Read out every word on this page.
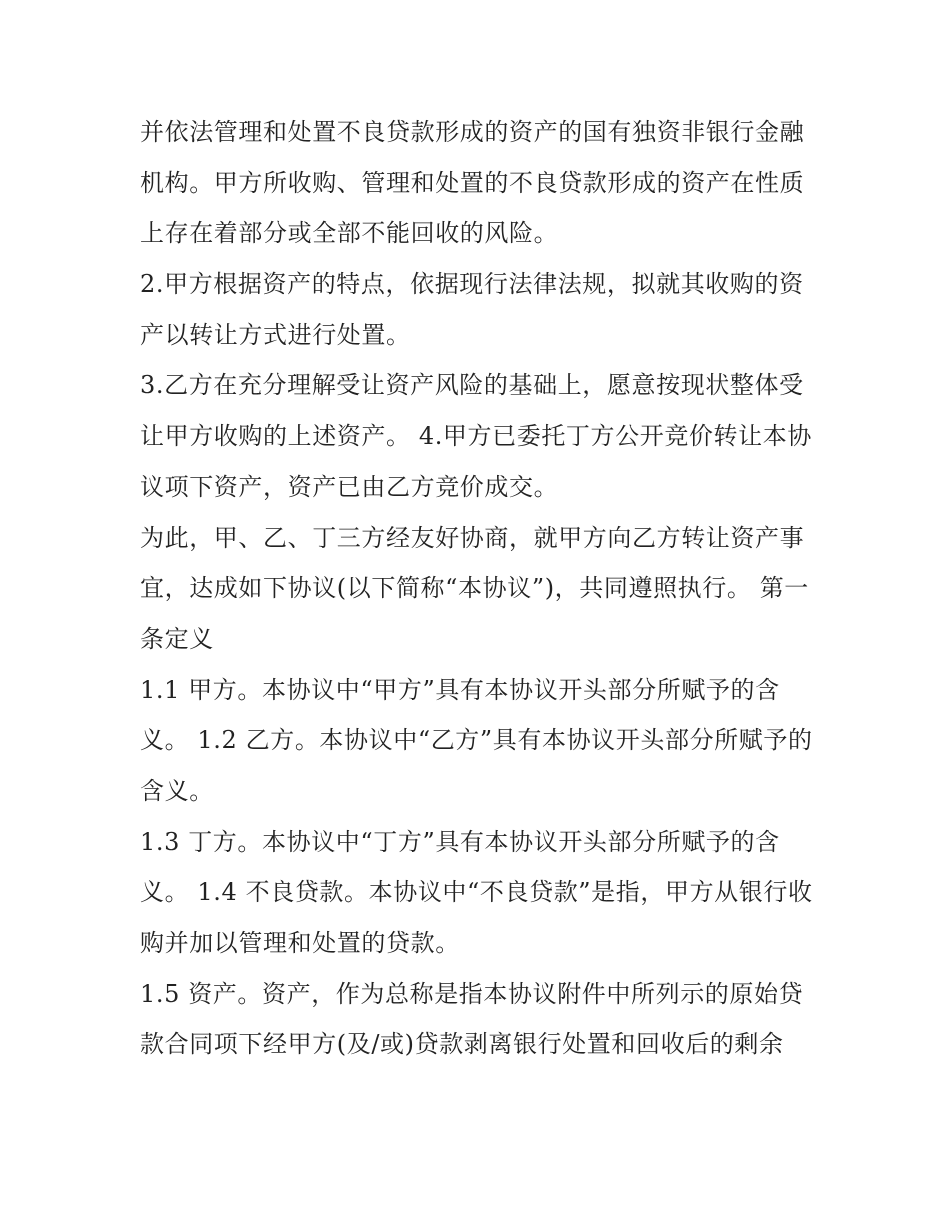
并依法管理和处置不良贷款形成的资产的国有独资非银行金融
机构。甲方所收购、管理和处置的不良贷款形成的资产在性质
上存在着部分或全部不能回收的风险。
2.甲方根据资产的特点，依据现行法律法规，拟就其收购的资
产以转让方式进行处置。
3.乙方在充分理解受让资产风险的基础上，愿意按现状整体受
让甲方收购的上述资产。 4.甲方已委托丁方公开竞价转让本协
议项下资产，资产已由乙方竞价成交。
为此，甲、乙、丁三方经友好协商，就甲方向乙方转让资产事
宜，达成如下协议(以下简称“本协议”)，共同遵照执行。 第一
条定义
1.1 甲方。本协议中“甲方”具有本协议开头部分所赋予的含
义。 1.2 乙方。本协议中“乙方”具有本协议开头部分所赋予的
含义。
1.3 丁方。本协议中“丁方”具有本协议开头部分所赋予的含
义。 1.4 不良贷款。本协议中“不良贷款”是指，甲方从银行收
购并加以管理和处置的贷款。
1.5 资产。资产，作为总称是指本协议附件中所列示的原始贷
款合同项下经甲方(及/或)贷款剥离银行处置和回收后的剩余
